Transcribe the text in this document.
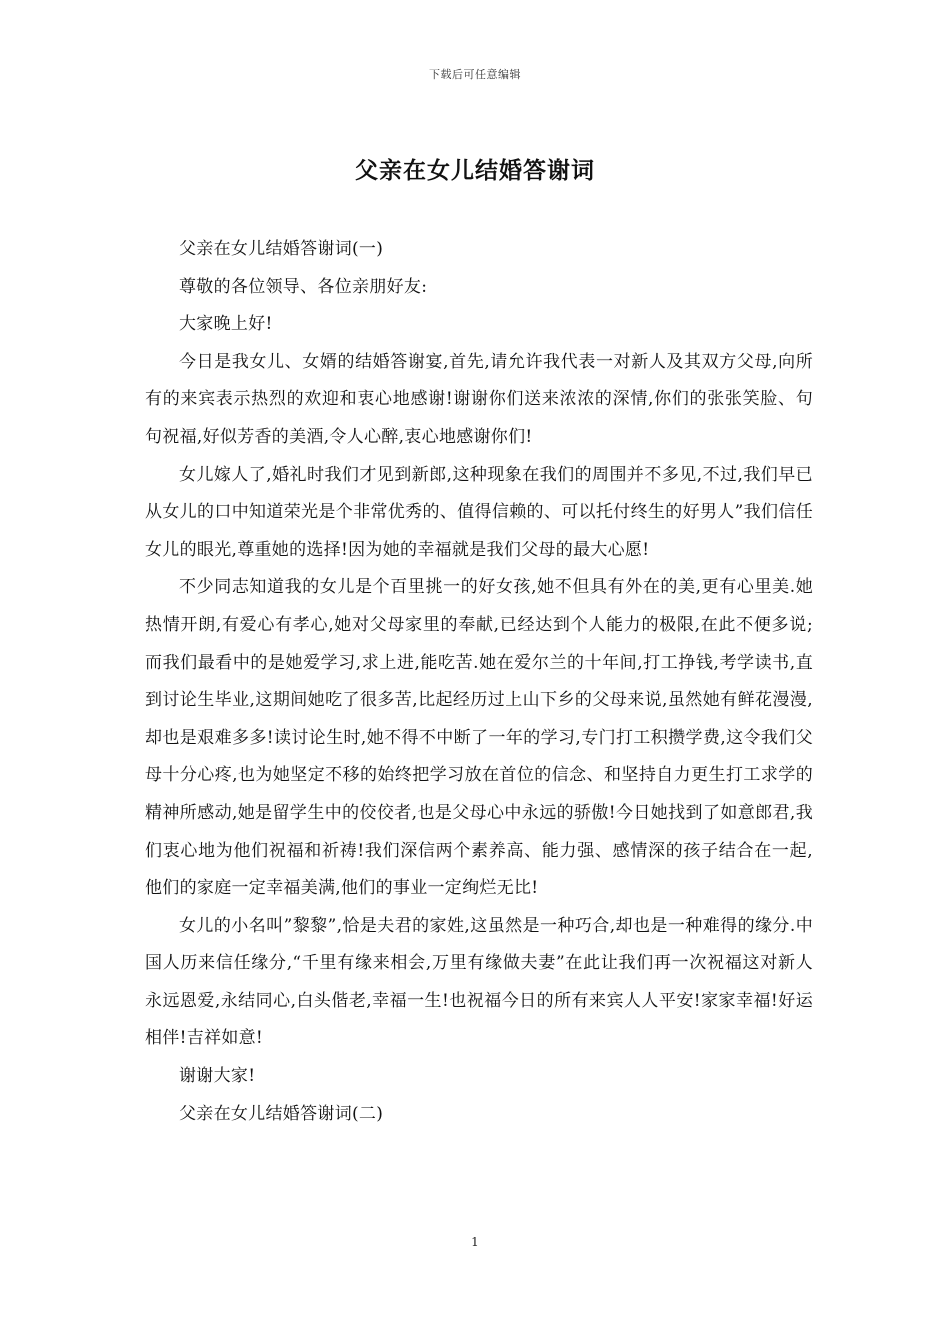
下载后可任意编辑
父亲在女儿结婚答谢词

父亲在女儿结婚答谢词(一)

尊敬的各位领导、各位亲朋好友:

大家晚上好!

今日是我女儿、女婿的结婚答谢宴,首先,请允许我代表一对新人及其双方父母,向所有的来宾表示热烈的欢迎和衷心地感谢!谢谢你们送来浓浓的深情,你们的张张笑脸、句句祝福,好似芳香的美酒,令人心醉,衷心地感谢你们!

女儿嫁人了,婚礼时我们才见到新郎,这种现象在我们的周围并不多见,不过,我们早已从女儿的口中知道荣光是个非常优秀的、值得信赖的、可以托付终生的好男人”我们信任女儿的眼光,尊重她的选择!因为她的幸福就是我们父母的最大心愿!

不少同志知道我的女儿是个百里挑一的好女孩,她不但具有外在的美,更有心里美.她热情开朗,有爱心有孝心,她对父母家里的奉献,已经达到个人能力的极限,在此不便多说;而我们最看中的是她爱学习,求上进,能吃苦.她在爱尔兰的十年间,打工挣钱,考学读书,直到讨论生毕业,这期间她吃了很多苦,比起经历过上山下乡的父母来说,虽然她有鲜花漫漫,却也是艰难多多!读讨论生时,她不得不中断了一年的学习,专门打工积攒学费,这令我们父母十分心疼,也为她坚定不移的始终把学习放在首位的信念、和坚持自力更生打工求学的精神所感动,她是留学生中的佼佼者,也是父母心中永远的骄傲!今日她找到了如意郎君,我们衷心地为他们祝福和祈祷!我们深信两个素养高、能力强、感情深的孩子结合在一起,他们的家庭一定幸福美满,他们的事业一定绚烂无比!

女儿的小名叫”黎黎”,恰是夫君的家姓,这虽然是一种巧合,却也是一种难得的缘分.中国人历来信任缘分,“千里有缘来相会,万里有缘做夫妻”在此让我们再一次祝福这对新人永远恩爱,永结同心,白头偕老,幸福一生!也祝福今日的所有来宾人人平安!家家幸福!好运相伴!吉祥如意!

谢谢大家!

父亲在女儿结婚答谢词(二)

1
